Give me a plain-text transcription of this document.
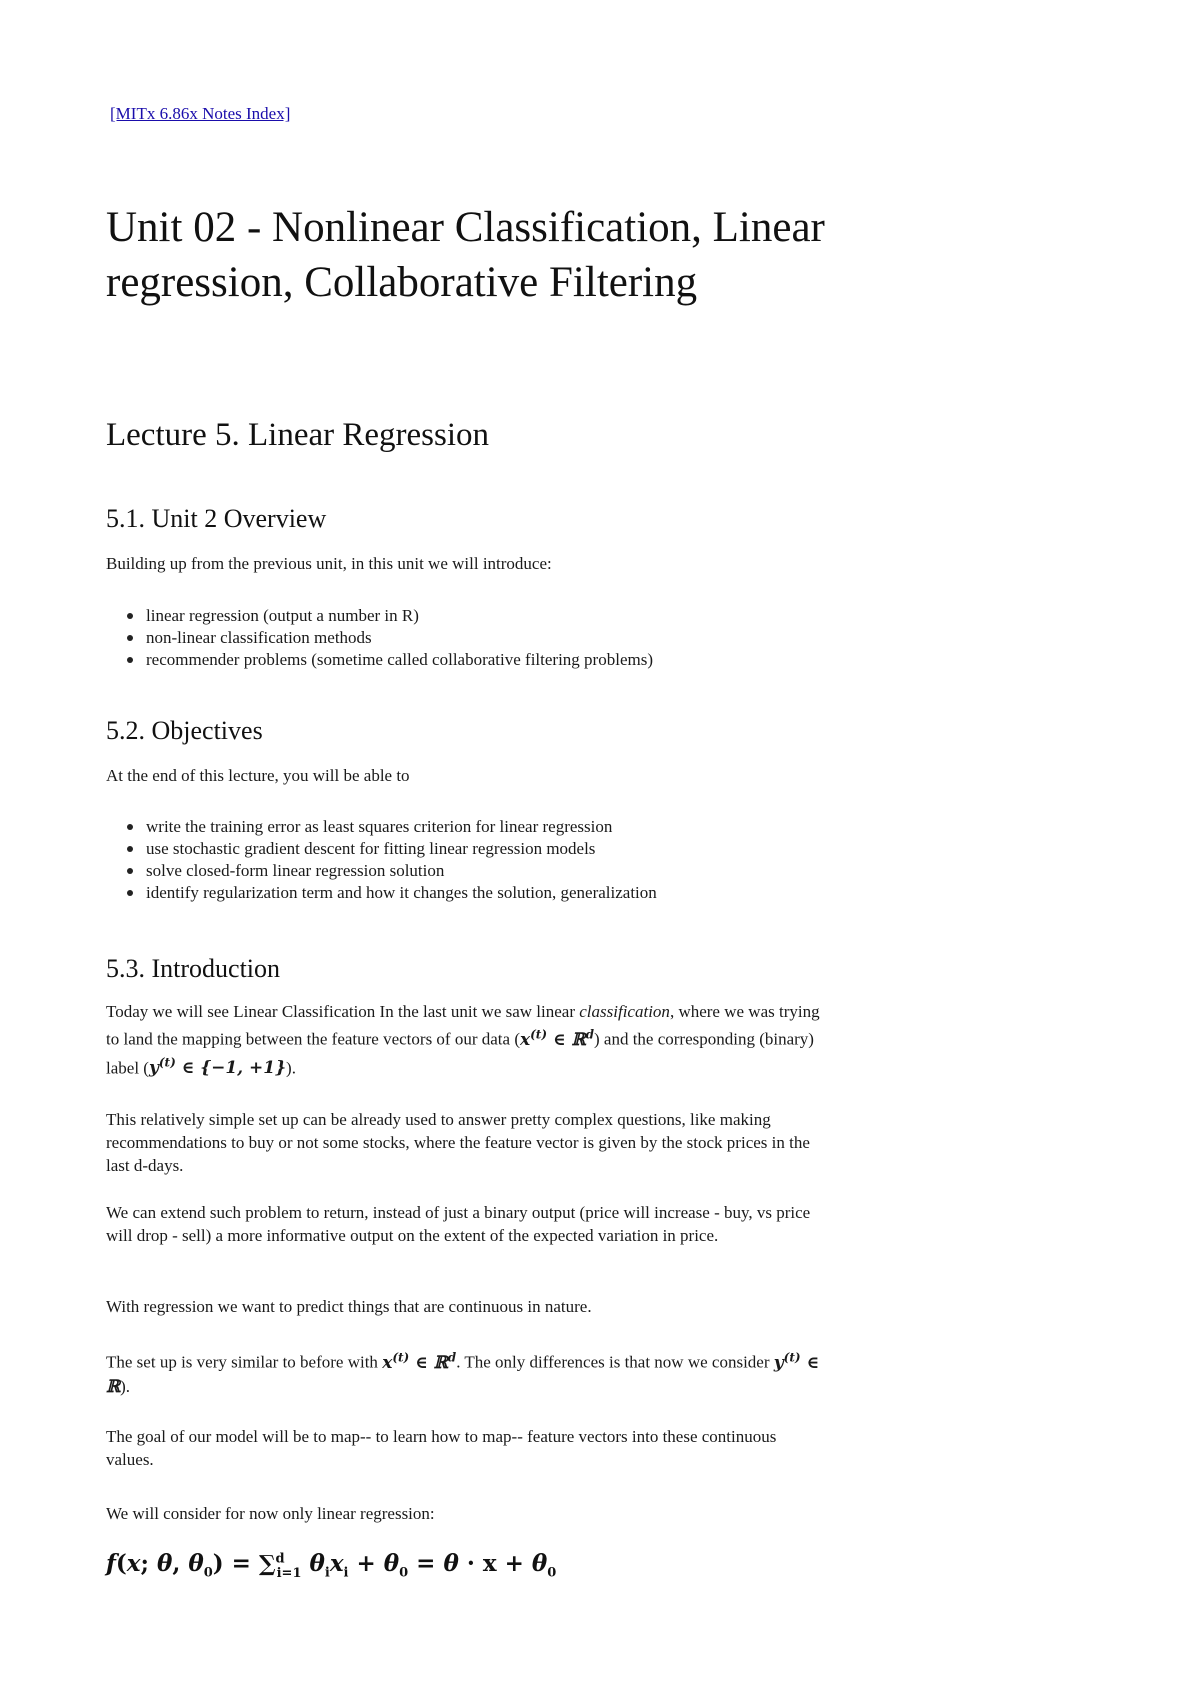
[MITx 6.86x Notes Index]
Unit 02 - Nonlinear Classification, Linear regression, Collaborative Filtering
Lecture 5. Linear Regression
5.1. Unit 2 Overview

Building up from the previous unit, in this unit we will introduce:

linear regression (output a number in R)
non-linear classification methods
recommender problems (sometime called collaborative filtering problems)
5.2. Objectives

At the end of this lecture, you will be able to

write the training error as least squares criterion for linear regression
use stochastic gradient descent for fitting linear regression models
solve closed-form linear regression solution
identify regularization term and how it changes the solution, generalization
5.3. Introduction

Today we will see Linear Classification In the last unit we saw linear classification, where we was trying to land the mapping between the feature vectors of our data ($x^{(t)}$ ∈ ℝ$^d$) and the corresponding (binary) label ($y^{(t)}$ ∈ {−1, +1}).

This relatively simple set up can be already used to answer pretty complex questions, like making recommendations to buy or not some stocks, where the feature vector is given by the stock prices in the last d-days.

We can extend such problem to return, instead of just a binary output (price will increase - buy, vs price will drop - sell) a more informative output on the extent of the expected variation in price.

With regression we want to predict things that are continuous in nature.

The set up is very similar to before with $x^{(t)}$ ∈ ℝ$^d$. The only differences is that now we consider $y^{(t)}$ ∈ ℝ).

The goal of our model will be to map-- to learn how to map-- feature vectors into these continuous values.

We will consider for now only linear regression:

f(x; θ, $\theta_0) = \sum^d_{i=1}$ $\theta_ix_i + \theta_0 = \theta \cdot x + \theta_0$
